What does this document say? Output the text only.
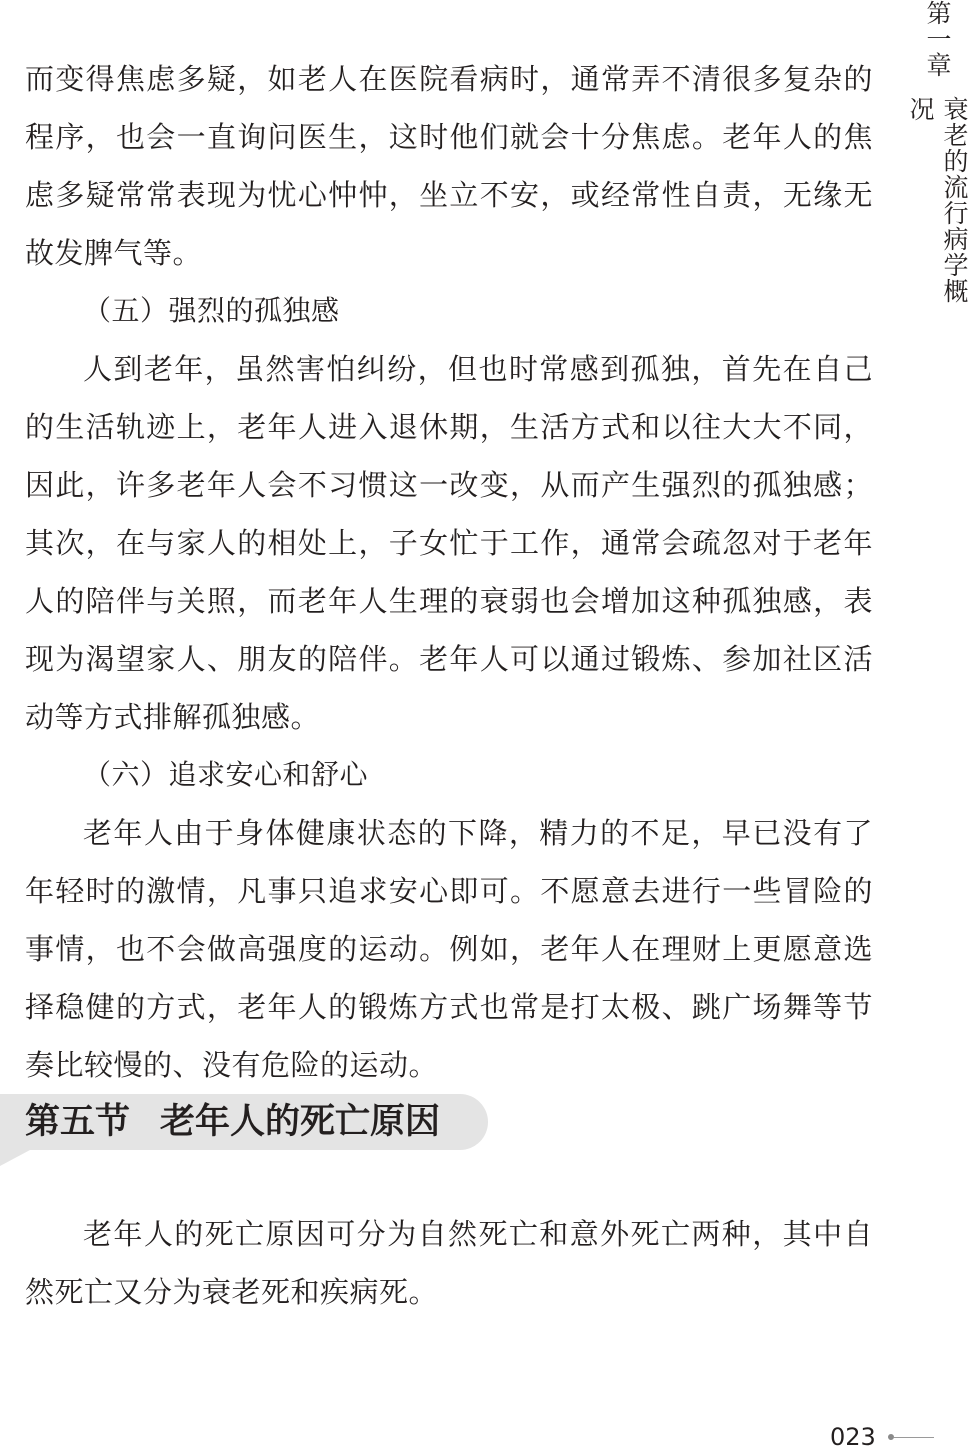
第一章
衰老的流行病学概况

而变得焦虑多疑，如老人在医院看病时，通常弄不清很多复杂的程序，也会一直询问医生，这时他们就会十分焦虑。老年人的焦虑多疑常常表现为忧心忡忡，坐立不安，或经常性自责，无缘无故发脾气等。

（五）强烈的孤独感

人到老年，虽然害怕纠纷，但也时常感到孤独，首先在自己的生活轨迹上，老年人进入退休期，生活方式和以往大大不同，因此，许多老年人会不习惯这一改变，从而产生强烈的孤独感；其次，在与家人的相处上，子女忙于工作，通常会疏忽对于老年人的陪伴与关照，而老年人生理的衰弱也会增加这种孤独感，表现为渴望家人、朋友的陪伴。老年人可以通过锻炼、参加社区活动等方式排解孤独感。

（六）追求安心和舒心

老年人由于身体健康状态的下降，精力的不足，早已没有了年轻时的激情，凡事只追求安心即可。不愿意去进行一些冒险的事情，也不会做高强度的运动。例如，老年人在理财上更愿意选择稳健的方式，老年人的锻炼方式也常是打太极、跳广场舞等节奏比较慢的、没有危险的运动。

第五节 老年人的死亡原因

老年人的死亡原因可分为自然死亡和意外死亡两种，其中自然死亡又分为衰老死和疾病死。

023
